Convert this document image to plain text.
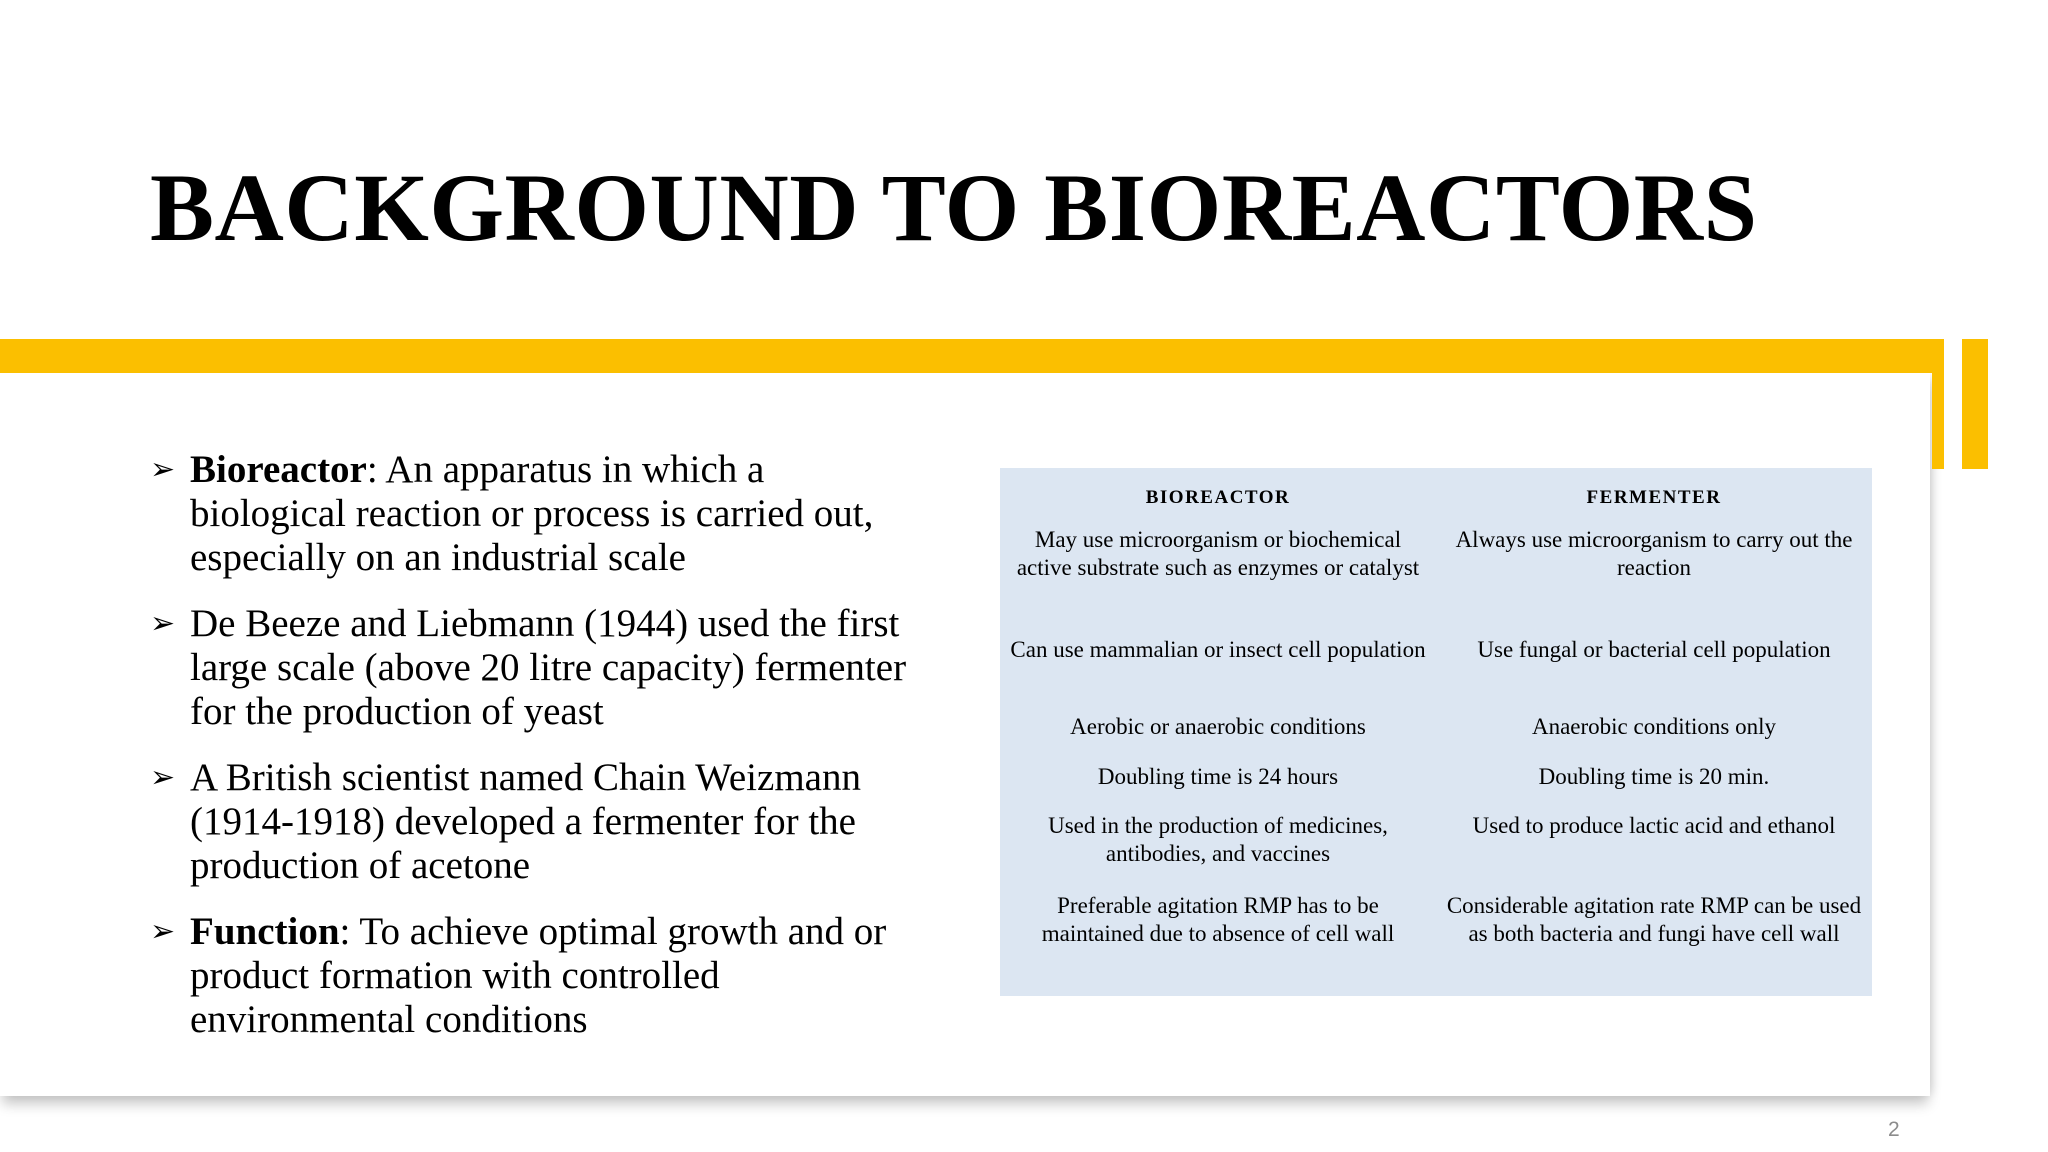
BACKGROUND TO BIOREACTORS
➢ Bioreactor: An apparatus in which a biological reaction or process is carried out, especially on an industrial scale
➢ De Beeze and Liebmann (1944) used the first large scale (above 20 litre capacity) fermenter for the production of yeast
➢ A British scientist named Chain Weizmann (1914-1918) developed a fermenter for the production of acetone
➢ Function: To achieve optimal growth and or product formation with controlled environmental conditions
BIOREACTOR	FERMENTER
May use microorganism or biochemical active substrate such as enzymes or catalyst	Always use microorganism to carry out the reaction
Can use mammalian or insect cell population	Use fungal or bacterial cell population
Aerobic or anaerobic conditions	Anaerobic conditions only
Doubling time is 24 hours	Doubling time is 20 min.
Used in the production of medicines, antibodies, and vaccines	Used to produce lactic acid and ethanol
Preferable agitation RMP has to be maintained due to absence of cell wall	Considerable agitation rate RMP can be used as both bacteria and fungi have cell wall
2
